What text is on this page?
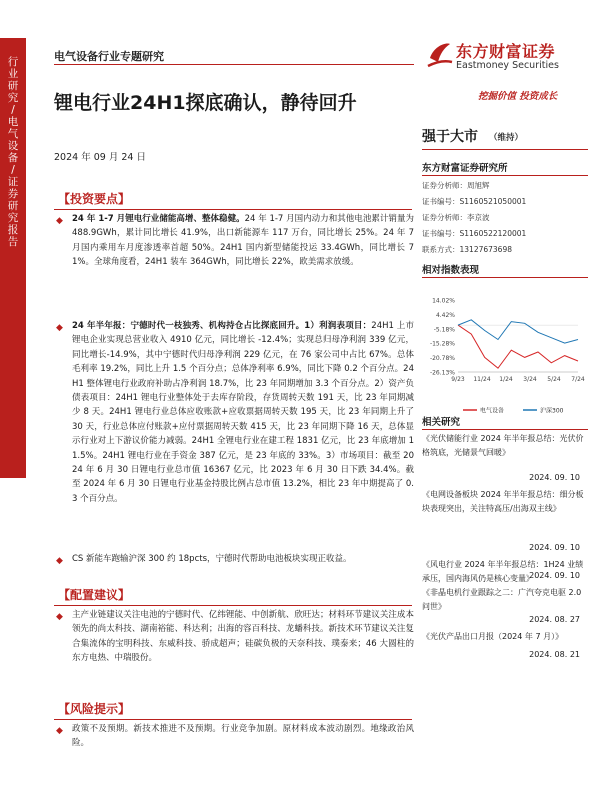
行业研究 / 电气设备 / 证券研究报告
电气设备行业专题研究	东方财富证券
Eastmoney Securities
挖掘价值 投资成长
锂电行业24H1探底确认，静待回升
2024 年 09 月 24 日
强于大市 （维持）
东方财富证券研究所
证券分析师：周旭辉
证书编号：S1160521050001
证券分析师：李京波
证书编号：S1160522120001
联系方式：13127673698
相对指数表现
14.02%
4.42%
-5.18%
-15.28%
-20.78%
-26.13%
9/23 11/24 1/24 3/24 5/24 7/24
电气设备	沪深300
相关研究
《光伏储能行业 2024 年半年报总结：光伏价格筑底，光储景气回暖》
2024. 09. 10
《电网设备板块 2024 年半年报总结：细分板块表现突出，关注特高压/出海双主线》
2024. 09. 10
《风电行业 2024 年半年报总结：1H24 业绩承压，国内海风仍是核心变量》
2024. 09. 10
《非晶电机行业跟踪之二：广汽夸克电驱 2.0 问世》
2024. 08. 27
《光伏产品出口月报（2024 年 7 月）》
2024. 08. 21
【投资要点】
◆	24 年 1-7 月锂电行业储能高增、整体稳健。24 年 1-7 月国内动力和其他电池累计销量为 488.9GWh，累计同比增长 41.9%，出口新能源车 117 万台，同比增长 25%。24 年 7 月国内乘用车月度渗透率首超 50%。24H1 国内新型储能投运 33.4GWh，同比增长 71%。全球角度看，24H1 装车 364GWh，同比增长 22%，欧美需求放缓。
◆	24 年半年报：宁德时代一枝独秀、机构持仓占比探底回升。1）利润表项目：24H1 上市锂电企业实现总营业收入 4910 亿元，同比增长 -12.4%；实现总归母净利润 339 亿元，同比增长-14.9%，其中宁德时代归母净利润 229 亿元，在 76 家公司中占比 67%。总体毛利率 19.2%，同比上升 1.5 个百分点；总体净利率 6.9%，同比下降 0.2 个百分点。24H1 整体锂电行业政府补助占净利润 18.7%，比 23 年同期增加 3.3 个百分点。2）资产负债表项目：24H1 锂电行业整体处于去库存阶段，存货周转天数 191 天，比 23 年同期减少 8 天。24H1 锂电行业总体应收账款+应收票据周转天数 195 天，比 23 年同期上升了 30 天，行业总体应付账款+应付票据周转天数 415 天，比 23 年同期下降 16 天，总体显示行业对上下游议价能力减弱。24H1 全锂电行业在建工程 1831 亿元，比 23 年底增加 11.5%。24H1 锂电行业在手资金 387 亿元，是 23 年底的 33%。3）市场项目：截至 2024 年 6 月 30 日锂电行业总市值 16367 亿元，比 2023 年 6 月 30 日下跌 34.4%。截至 2024 年 6 月 30 日锂电行业基金持股比例占总市值 13.2%，相比 23 年中期提高了 0.3 个百分点。
◆	CS 新能车跑输沪深 300 约 18pcts，宁德时代帮助电池板块实现正收益。
【配置建议】
◆	主产业链建议关注电池的宁德时代、亿纬锂能、中创新航、欣旺达；材料环节建议关注成本领先的尚太科技、湖南裕能、科达利；出海的容百科技、龙蟠科技。新技术环节建议关注复合集流体的宝明科技、东威科技、骄成超声；硅碳负极的天奈科技、璞泰来；46 大圆柱的东方电热、中瑞股份。
【风险提示】
◆	政策不及预期。新技术推进不及预期。行业竞争加剧。原材料成本波动剧烈。地缘政治风险。
